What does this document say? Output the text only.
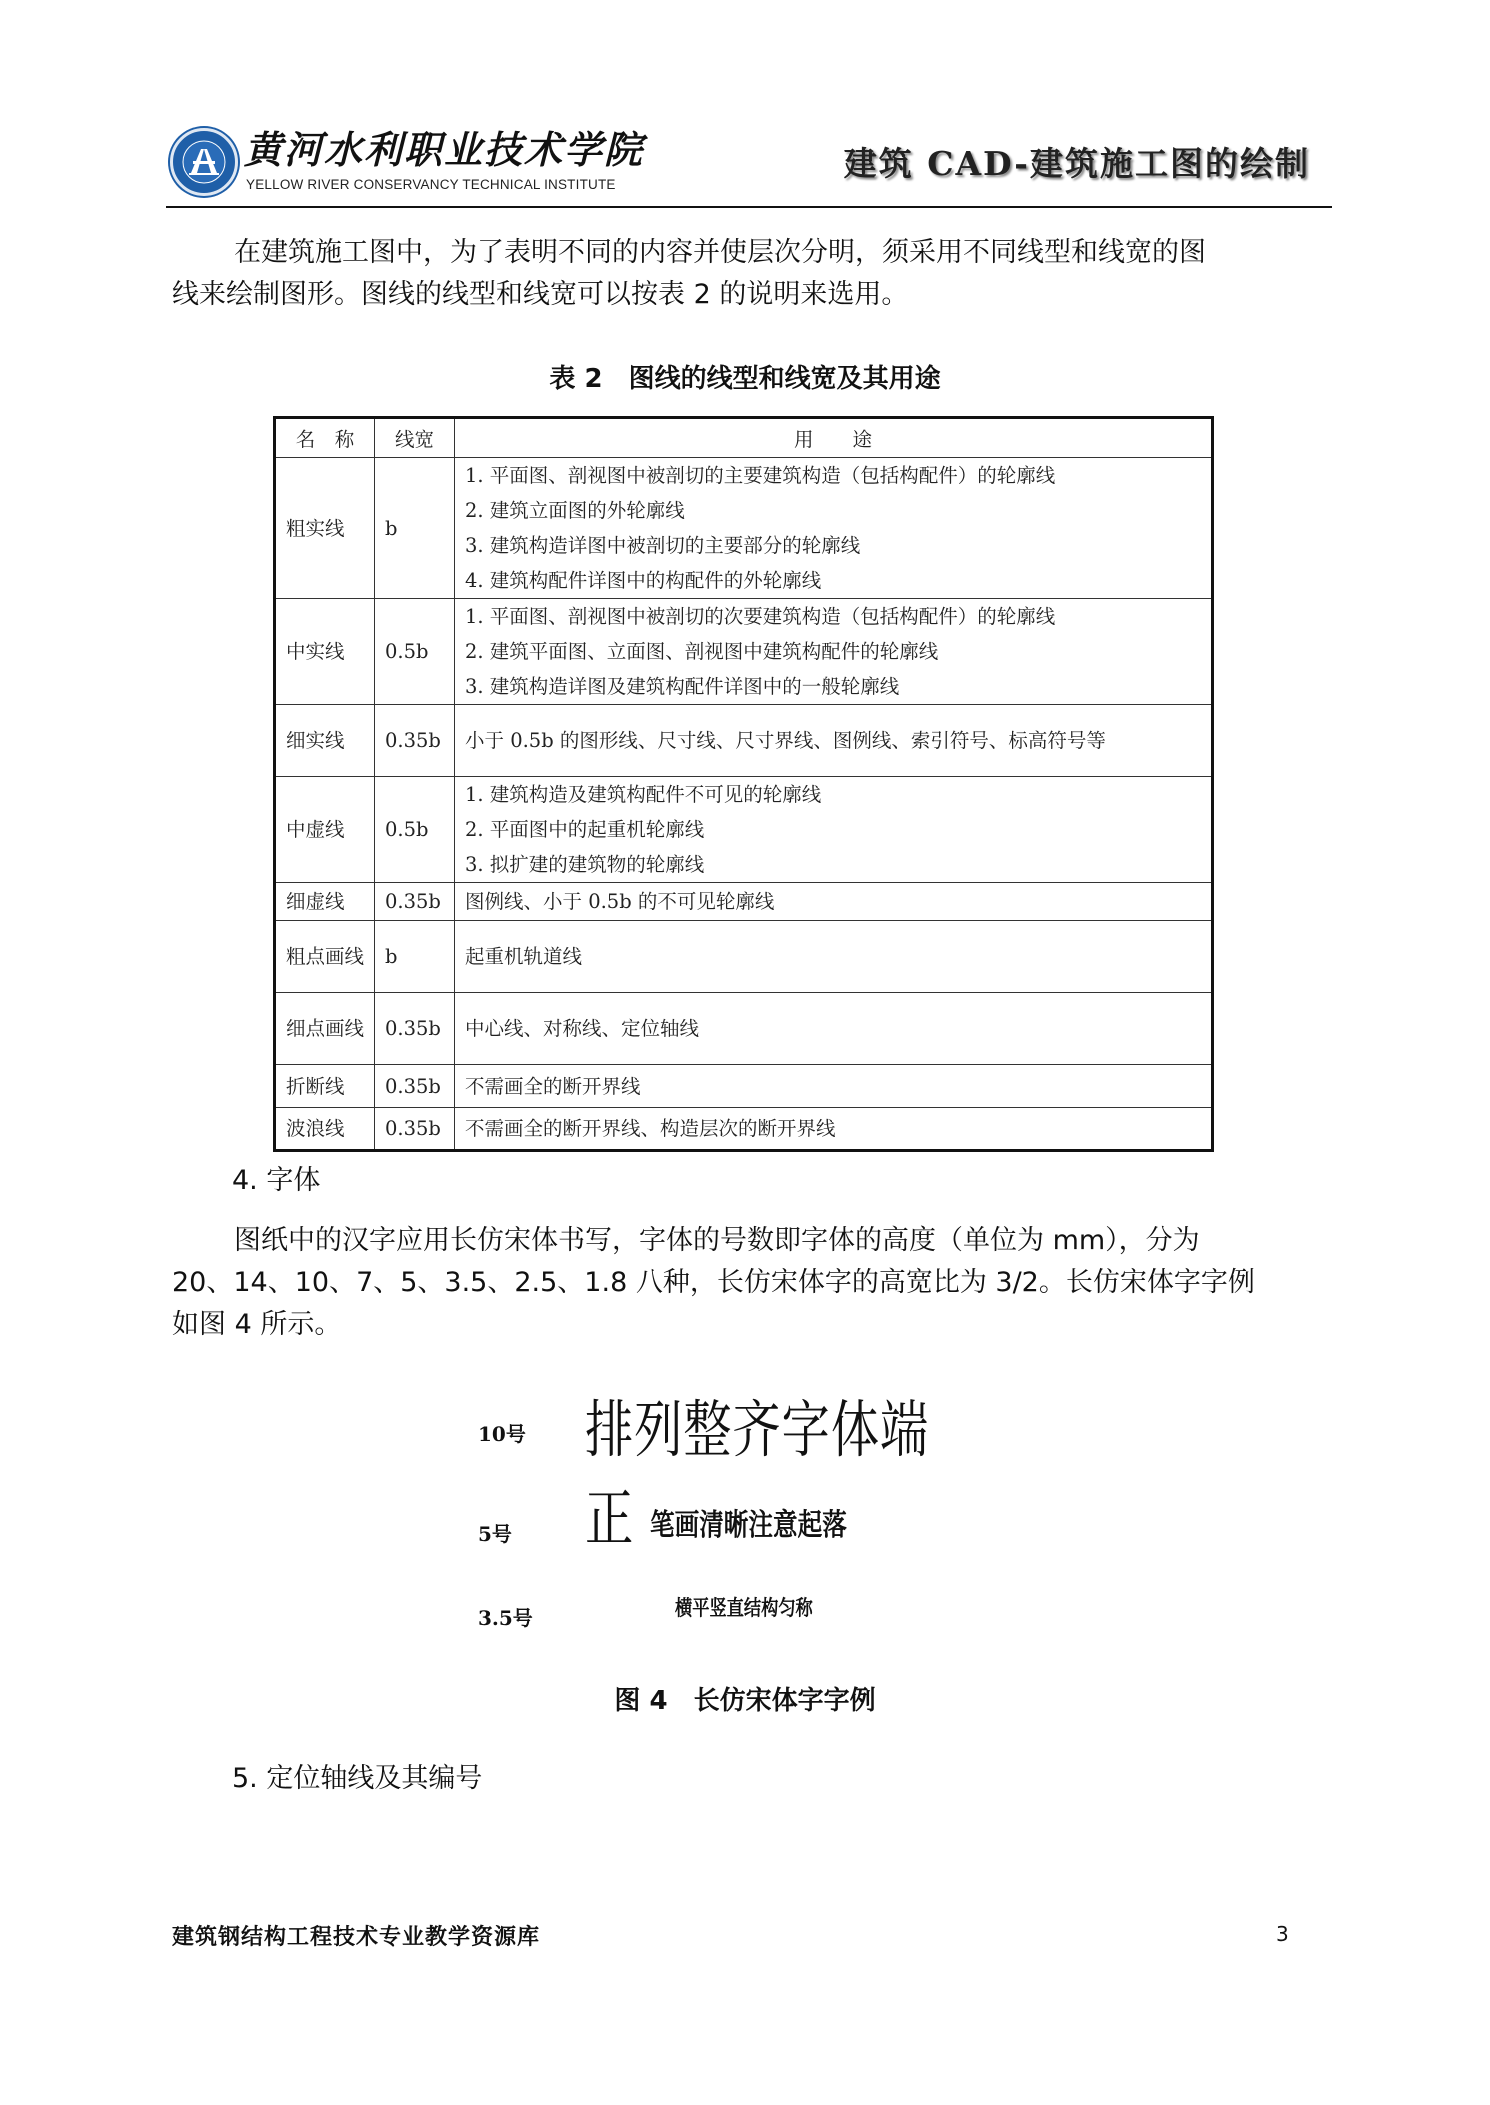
黄河水利职业技术学院
YELLOW RIVER CONSERVANCY TECHNICAL INSTITUTE
建筑 CAD-建筑施工图的绘制
在建筑施工图中，为了表明不同的内容并使层次分明，须采用不同线型和线宽的图
线来绘制图形。图线的线型和线宽可以按表 2 的说明来选用。
表 2　图线的线型和线宽及其用途
名　称	线宽	用　　途
粗实线	b	1. 平面图、剖视图中被剖切的主要建筑构造（包括构配件）的轮廓线
2. 建筑立面图的外轮廓线
3. 建筑构造详图中被剖切的主要部分的轮廓线
4. 建筑构配件详图中的构配件的外轮廓线

中实线	0.5b	1. 平面图、剖视图中被剖切的次要建筑构造（包括构配件）的轮廓线
2. 建筑平面图、立面图、剖视图中建筑构配件的轮廓线
3. 建筑构造详图及建筑构配件详图中的一般轮廓线

细实线	0.35b	小于 0.5b 的图形线、尺寸线、尺寸界线、图例线、索引符号、标高符号等

中虚线	0.5b	1. 建筑构造及建筑构配件不可见的轮廓线
2. 平面图中的起重机轮廓线
3. 拟扩建的建筑物的轮廓线

细虚线	0.35b	图例线、小于 0.5b 的不可见轮廓线

粗点画线	b	起重机轨道线

细点画线	0.35b	中心线、对称线、定位轴线

折断线	0.35b	不需画全的断开界线

波浪线	0.35b	不需画全的断开界线、构造层次的断开界线
4. 字体
图纸中的汉字应用长仿宋体书写，字体的号数即字体的高度（单位为 mm），分为
20、14、10、7、5、3.5、2.5、1.8 八种，长仿宋体字的高宽比为 3/2。长仿宋体字字例
如图 4 所示。
10号 排列整齐字体端正
5号	笔画清晰注意起落
3.5号	横平竖直结构匀称
图 4　长仿宋体字字例
5. 定位轴线及其编号
建筑钢结构工程技术专业教学资源库	3
